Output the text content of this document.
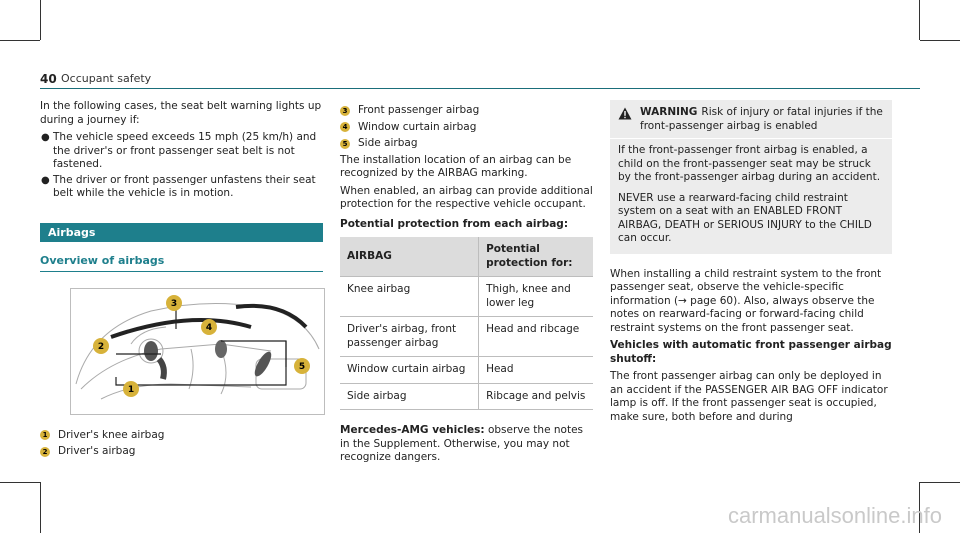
40 Occupant safety

In the following cases, the seat belt warning lights up during a journey if:

● The vehicle speed exceeds 15 mph (25 km/h) and the driver's or front passenger seat belt is not fastened.
● The driver or front passenger unfastens their seat belt while the vehicle is in motion.
Airbags
Overview of airbags
1
2
3
4
5
1 Driver's knee airbag
2 Driver's airbag
3 Front passenger airbag
4 Window curtain airbag
5 Side airbag

The installation location of an airbag can be recognized by the AIRBAG marking.

When enabled, an airbag can provide additional protection for the respective vehicle occupant.

Potential protection from each airbag:

AIRBAG	Potential protection for:
Knee airbag	Thigh, knee and lower leg
Driver's airbag, front passenger airbag	Head and ribcage
Window curtain airbag	Head
Side airbag	Ribcage and pelvis

Mercedes-AMG vehicles: observe the notes in the Supplement. Otherwise, you may not recognize dangers.

WARNING Risk of injury or fatal injuries if the front-passenger airbag is enabled

If the front-passenger front airbag is enabled, a child on the front-passenger seat may be struck by the front-passenger airbag during an accident.

NEVER use a rearward-facing child restraint system on a seat with an ENABLED FRONT AIRBAG, DEATH or SERIOUS INJURY to the CHILD can occur.

When installing a child restraint system to the front passenger seat, observe the vehicle-specific information (→ page 60). Also, always observe the notes on rearward-facing or forward-facing child restraint systems on the front passenger seat.

Vehicles with automatic front passenger airbag shutoff:

The front passenger airbag can only be deployed in an accident if the PASSENGER AIR BAG OFF indicator lamp is off. If the front passenger seat is occupied, make sure, both before and during

carmanualsonline.info
